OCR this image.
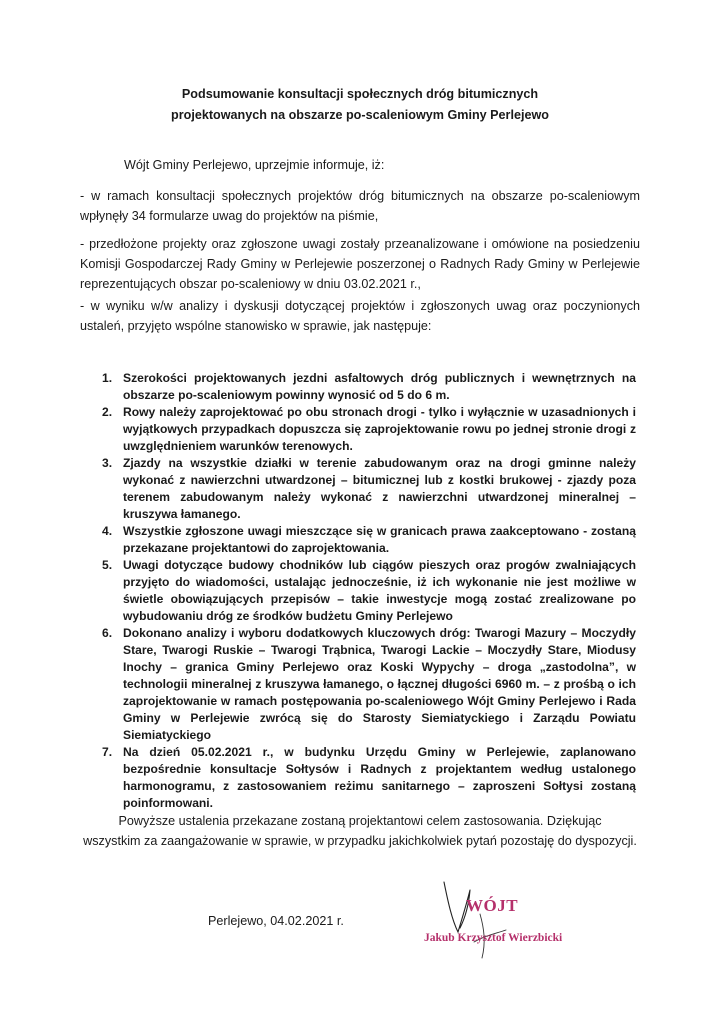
Podsumowanie konsultacji społecznych dróg bitumicznych
projektowanych na obszarze po-scaleniowym Gminy Perlejewo
Wójt Gminy Perlejewo, uprzejmie informuje, iż:
- w ramach konsultacji społecznych projektów dróg bitumicznych na obszarze po-scaleniowym wpłynęły 34 formularze uwag do projektów na piśmie,
- przedłożone projekty oraz zgłoszone uwagi zostały przeanalizowane i omówione na posiedzeniu Komisji Gospodarczej Rady Gminy w Perlejewie poszerzonej o Radnych Rady Gminy w Perlejewie reprezentujących obszar po-scaleniowy w dniu 03.02.2021 r.,
- w wyniku w/w analizy i dyskusji dotyczącej projektów i zgłoszonych uwag oraz poczynionych ustaleń, przyjęto wspólne stanowisko w sprawie, jak następuje:
1. Szerokości projektowanych jezdni asfaltowych dróg publicznych i wewnętrznych na obszarze po-scaleniowym powinny wynosić od 5 do 6 m.
2. Rowy należy zaprojektować po obu stronach drogi - tylko i wyłącznie w uzasadnionych i wyjątkowych przypadkach dopuszcza się zaprojektowanie rowu po jednej stronie drogi z uwzględnieniem warunków terenowych.
3. Zjazdy na wszystkie działki w terenie zabudowanym oraz na drogi gminne należy wykonać z nawierzchni utwardzonej – bitumicznej lub z kostki brukowej - zjazdy poza terenem zabudowanym należy wykonać z nawierzchni utwardzonej mineralnej – kruszywa łamanego.
4. Wszystkie zgłoszone uwagi mieszczące się w granicach prawa zaakceptowano - zostaną przekazane projektantowi do zaprojektowania.
5. Uwagi dotyczące budowy chodników lub ciągów pieszych oraz progów zwalniających przyjęto do wiadomości, ustalając jednocześnie, iż ich wykonanie nie jest możliwe w świetle obowiązujących przepisów – takie inwestycje mogą zostać zrealizowane po wybudowaniu dróg ze środków budżetu Gminy Perlejewo
6. Dokonano analizy i wyboru dodatkowych kluczowych dróg: Twarogi Mazury – Moczydły Stare, Twarogi Ruskie – Twarogi Trąbnica, Twarogi Lackie – Moczydły Stare, Miodusy Inochy – granica Gminy Perlejewo oraz Koski Wypychy – droga „zastodolna”, w technologii mineralnej z kruszywa łamanego, o łącznej długości 6960 m. – z prośbą o ich zaprojektowanie w ramach postępowania po-scaleniowego Wójt Gminy Perlejewo i Rada Gminy w Perlejewie zwrócą się do Starosty Siemiatyckiego i Zarządu Powiatu Siemiatyckiego
7. Na dzień 05.02.2021 r., w budynku Urzędu Gminy w Perlejewie, zaplanowano bezpośrednie konsultacje Sołtysów i Radnych z projektantem według ustalonego harmonogramu, z zastosowaniem reżimu sanitarnego – zaproszeni Sołtysi zostaną poinformowani.
Powyższe ustalenia przekazane zostaną projektantowi celem zastosowania. Dziękując
wszystkim za zaangażowanie w sprawie, w przypadku jakichkolwiek pytań pozostaję do dyspozycji.
Perlejewo, 04.02.2021 r.
WÓJT
Jakub Krzysztof Wierzbicki
